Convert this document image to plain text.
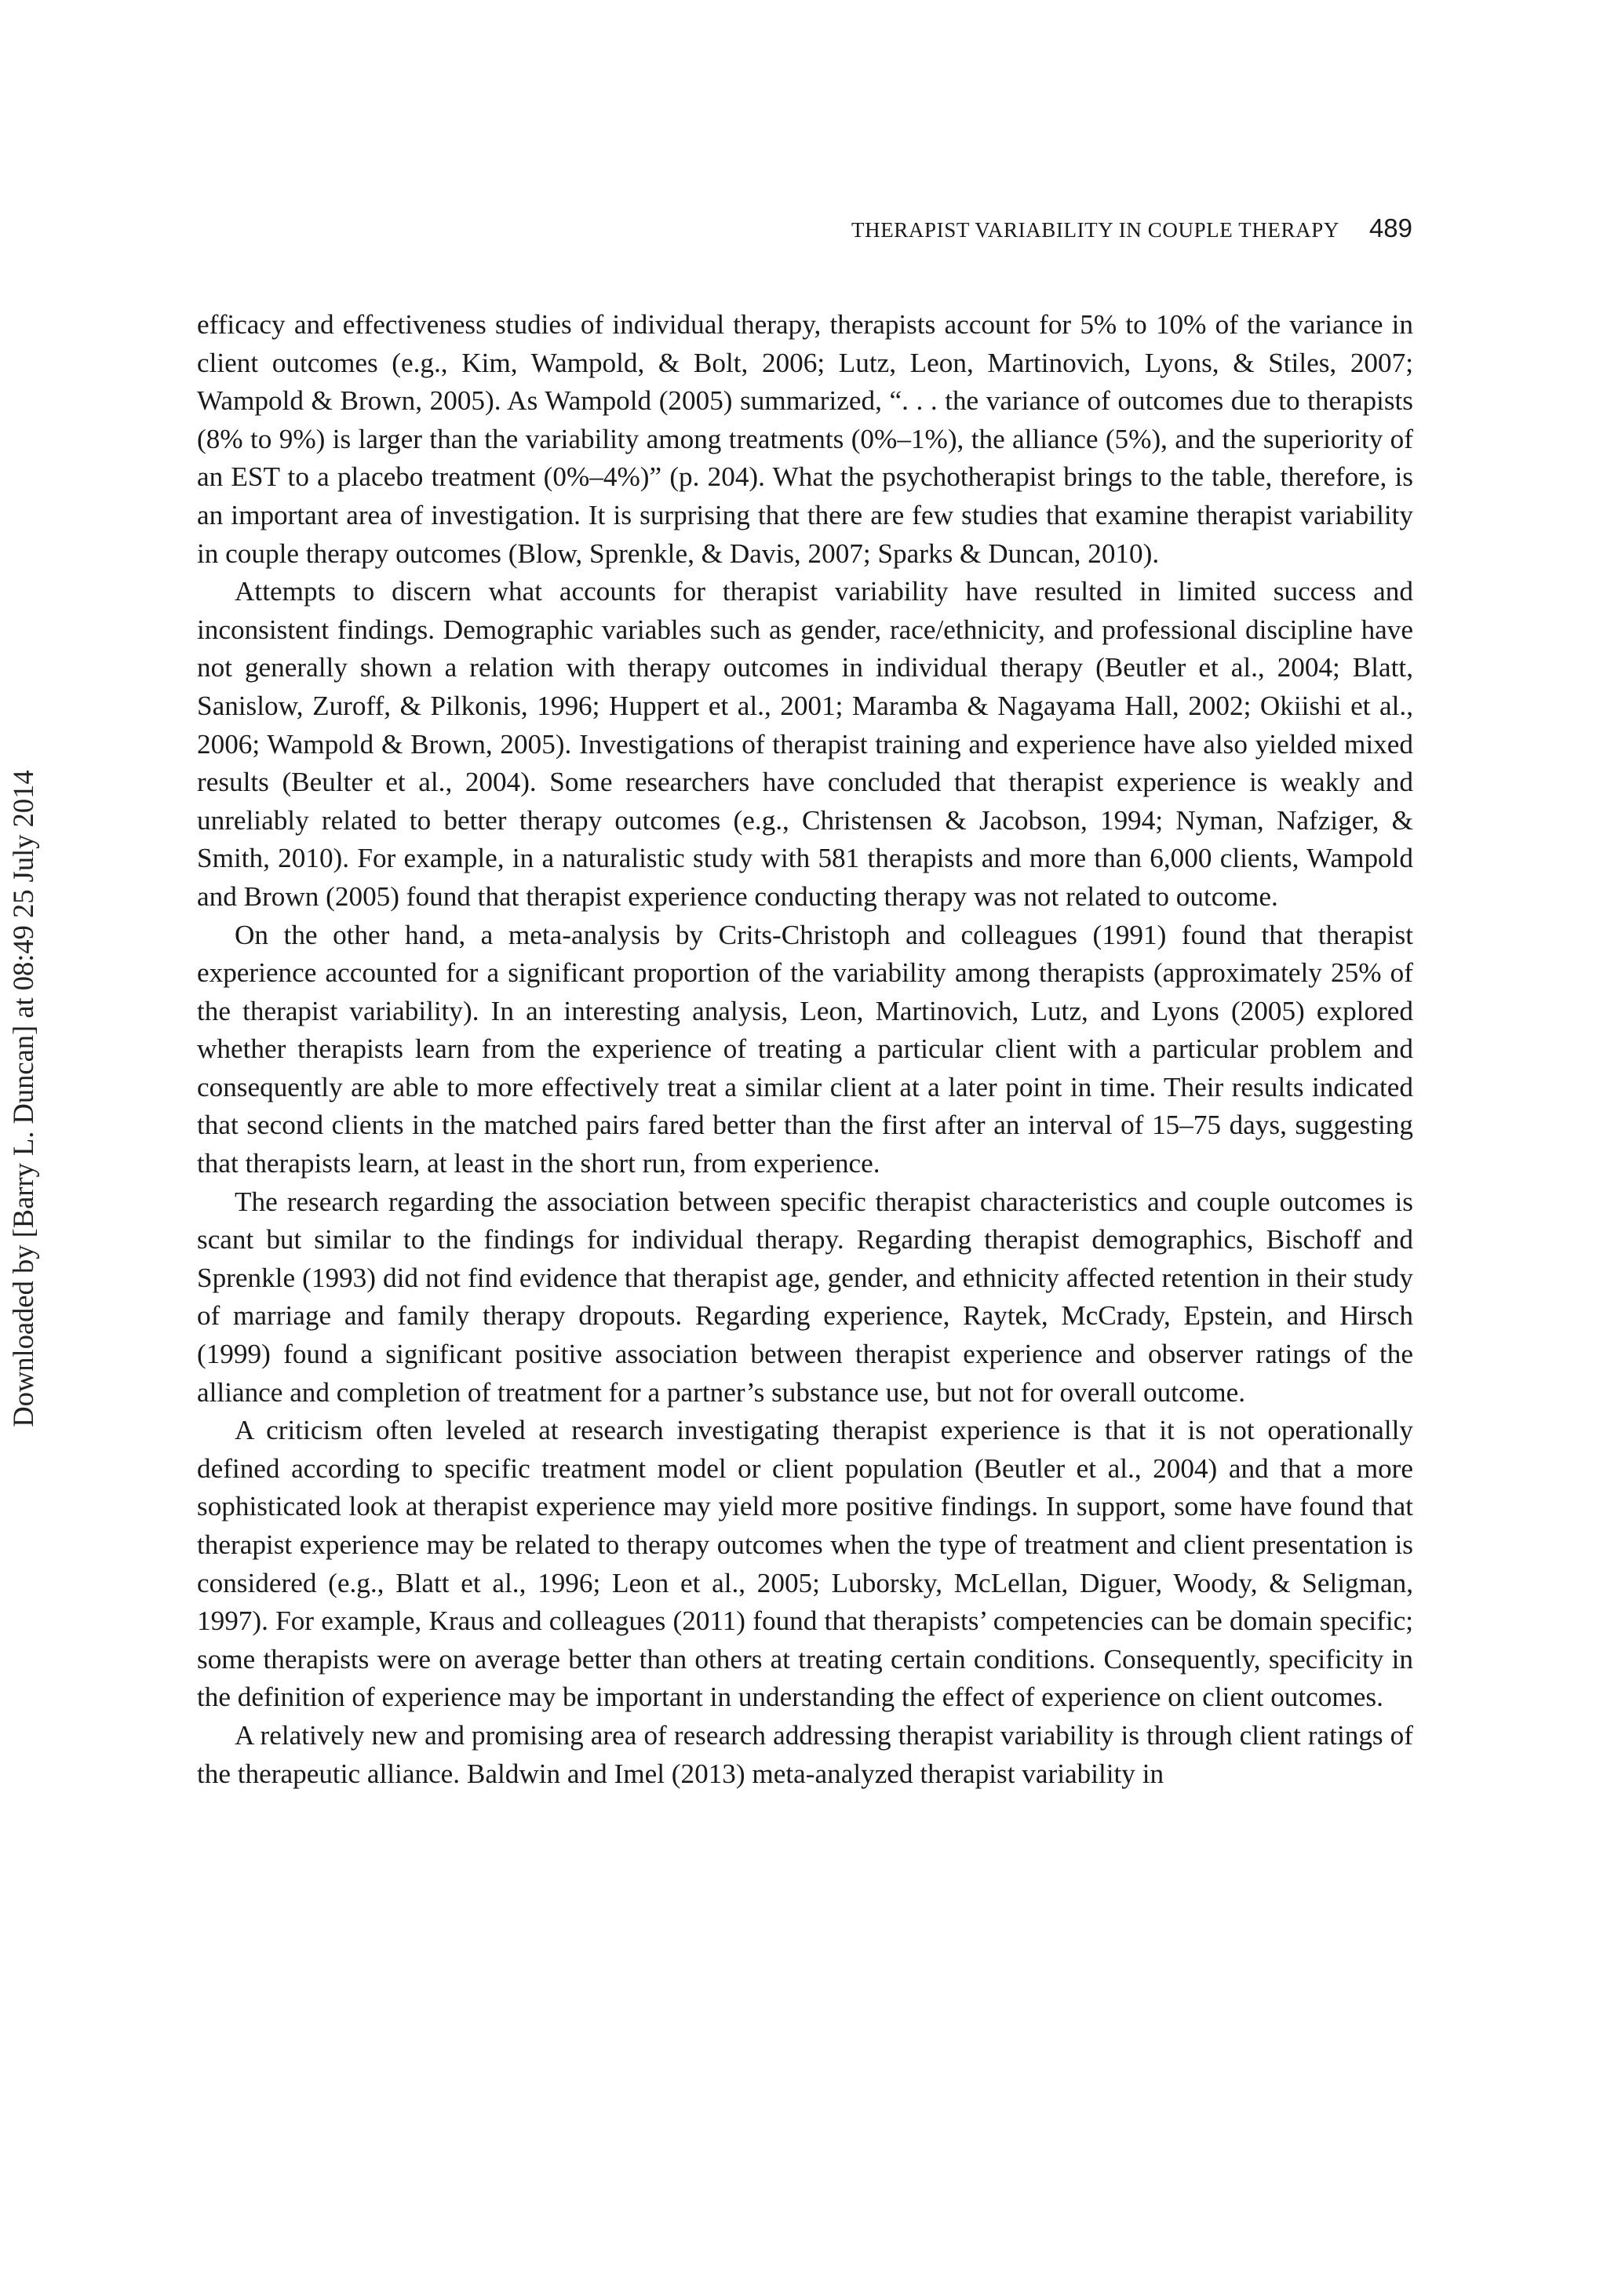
THERAPIST VARIABILITY IN COUPLE THERAPY 489
Downloaded by [Barry L. Duncan] at 08:49 25 July 2014

efficacy and effectiveness studies of individual therapy, therapists account for 5% to 10% of the variance in client outcomes (e.g., Kim, Wampold, & Bolt, 2006; Lutz, Leon, Martinovich, Lyons, & Stiles, 2007; Wampold & Brown, 2005). As Wampold (2005) summarized, “. . . the variance of outcomes due to therapists (8% to 9%) is larger than the variability among treatments (0%–1%), the alliance (5%), and the superiority of an EST to a placebo treatment (0%–4%)” (p. 204). What the psychotherapist brings to the table, therefore, is an important area of investigation. It is surprising that there are few studies that examine therapist variability in couple therapy outcomes (Blow, Sprenkle, & Davis, 2007; Sparks & Duncan, 2010).

Attempts to discern what accounts for therapist variability have resulted in limited success and inconsistent findings. Demographic variables such as gender, race/ethnicity, and professional discipline have not generally shown a relation with therapy outcomes in individual therapy (Beutler et al., 2004; Blatt, Sanislow, Zuroff, & Pilkonis, 1996; Huppert et al., 2001; Maramba & Nagayama Hall, 2002; Okiishi et al., 2006; Wampold & Brown, 2005). Investigations of therapist training and experience have also yielded mixed results (Beulter et al., 2004). Some researchers have concluded that therapist experience is weakly and unreliably related to better therapy outcomes (e.g., Christensen & Jacobson, 1994; Nyman, Nafziger, & Smith, 2010). For example, in a naturalistic study with 581 therapists and more than 6,000 clients, Wampold and Brown (2005) found that therapist experience conducting therapy was not related to outcome.

On the other hand, a meta-analysis by Crits-Christoph and colleagues (1991) found that therapist experience accounted for a significant proportion of the variability among therapists (approximately 25% of the therapist variability). In an interesting analysis, Leon, Martinovich, Lutz, and Lyons (2005) explored whether therapists learn from the experience of treating a particular client with a particular problem and consequently are able to more effectively treat a similar client at a later point in time. Their results indicated that second clients in the matched pairs fared better than the first after an interval of 15–75 days, suggesting that therapists learn, at least in the short run, from experience.

The research regarding the association between specific therapist characteristics and couple outcomes is scant but similar to the findings for individual therapy. Regarding therapist demographics, Bischoff and Sprenkle (1993) did not find evidence that therapist age, gender, and ethnicity affected retention in their study of marriage and family therapy dropouts. Regarding experience, Raytek, McCrady, Epstein, and Hirsch (1999) found a significant positive association between therapist experience and observer ratings of the alliance and completion of treatment for a partner’s substance use, but not for overall outcome.

A criticism often leveled at research investigating therapist experience is that it is not operationally defined according to specific treatment model or client population (Beutler et al., 2004) and that a more sophisticated look at therapist experience may yield more positive findings. In support, some have found that therapist experience may be related to therapy outcomes when the type of treatment and client presentation is considered (e.g., Blatt et al., 1996; Leon et al., 2005; Luborsky, McLellan, Diguer, Woody, & Seligman, 1997). For example, Kraus and colleagues (2011) found that therapists’ competencies can be domain specific; some therapists were on average better than others at treating certain conditions. Consequently, specificity in the definition of experience may be important in understanding the effect of experience on client outcomes.

A relatively new and promising area of research addressing therapist variability is through client ratings of the therapeutic alliance. Baldwin and Imel (2013) meta-analyzed therapist variability in
